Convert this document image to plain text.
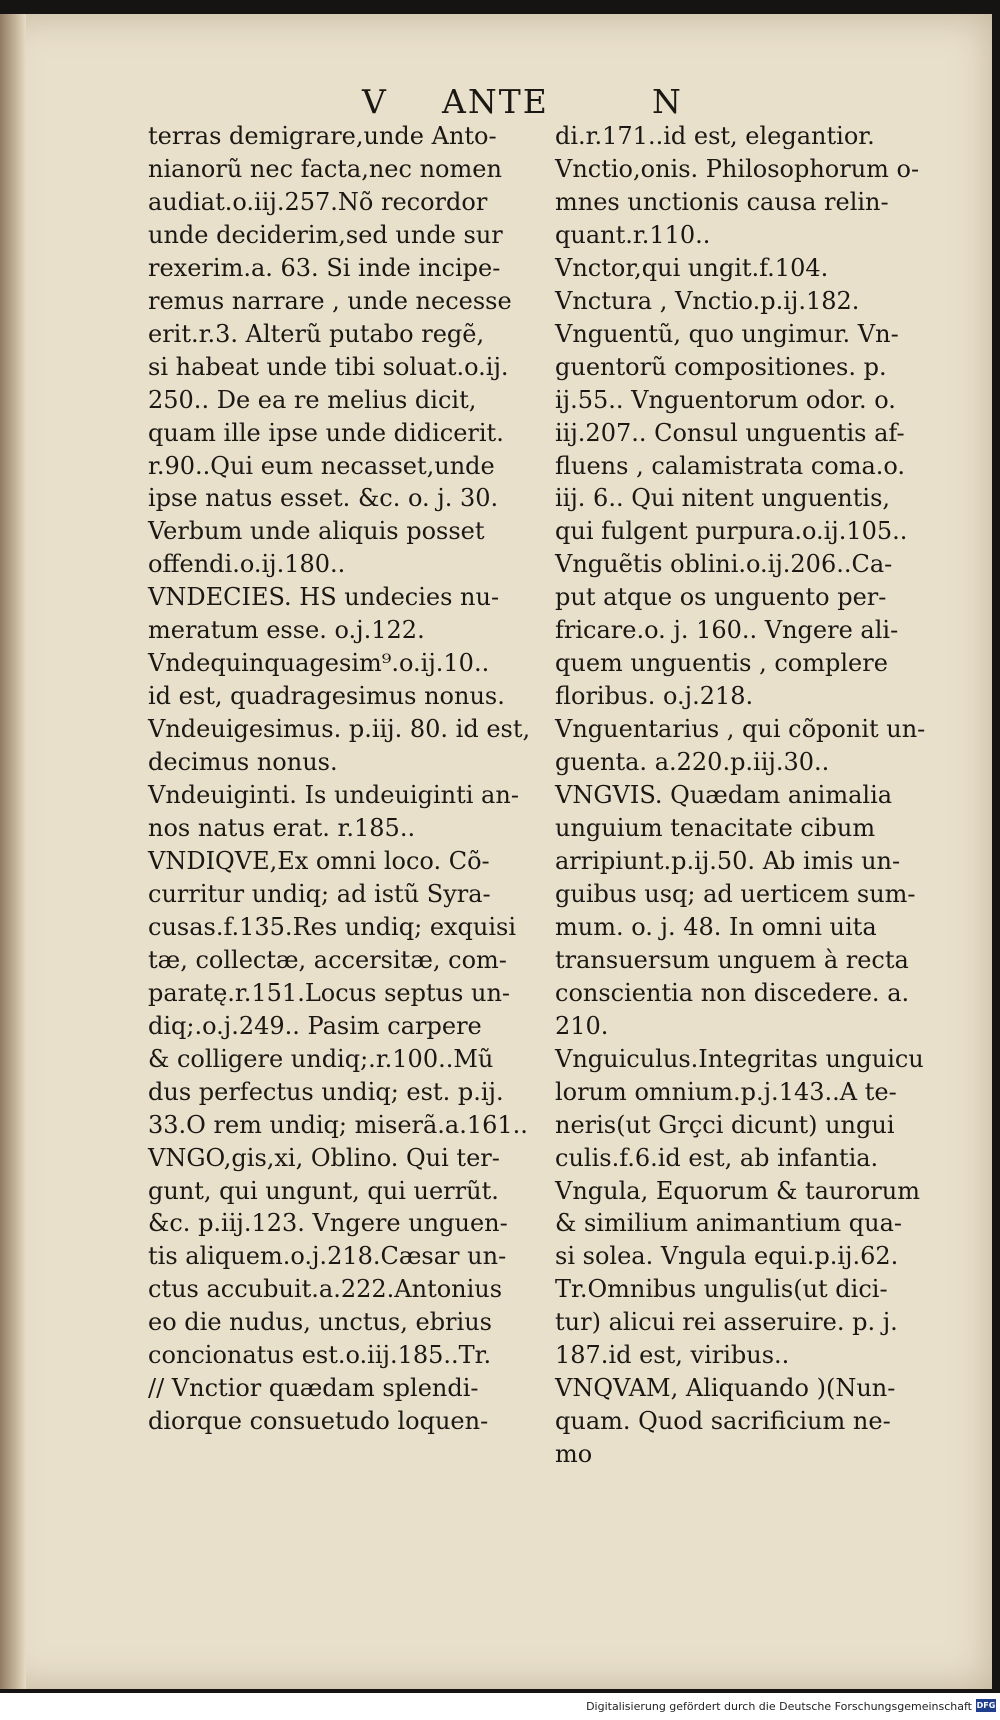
V ANTE	N
terras demigrare,unde Anto-
nianorũ nec facta,nec nomen
audiat.o.iij.257.Nõ recordor
unde deciderim,sed unde sur
rexerim.a. 63. Si inde incipe-
remus narrare , unde necesse
erit.r.3. Alterũ putabo regẽ,
si habeat unde tibi soluat.o.ij.
250.. De ea re melius dicit,
quam ille ipse unde didicerit.
r.90..Qui eum necasset,unde
ipse natus esset. &c. o. j. 30.
Verbum unde aliquis posset
offendi.o.ij.180..
VNDECIES. HS undecies nu-
meratum esse. o.j.122.
Vndequinquagesim⁹.o.ij.10..
id est, quadragesimus nonus.
Vndeuigesimus. p.iij. 80. id est,
decimus nonus.
Vndeuiginti. Is undeuiginti an-
nos natus erat. r.185..
VNDIQVE,Ex omni loco. Cõ-
curritur undiq; ad istũ Syra-
cusas.f.135.Res undiq; exquisi
tæ, collectæ, accersitæ, com-
paratę.r.151.Locus septus un-
diq;.o.j.249.. Pasim carpere
& colligere undiq;.r.100..Mũ
dus perfectus undiq; est. p.ij.
33.O rem undiq; miserã.a.161..
VNGO,gis,xi, Oblino. Qui ter-
gunt, qui ungunt, qui uerrũt.
&c. p.iij.123. Vngere unguen-
tis aliquem.o.j.218.Cæsar un-
ctus accubuit.a.222.Antonius
eo die nudus, unctus, ebrius
concionatus est.o.iij.185..Tr.
// Vnctior quædam splendi-
diorque consuetudo loquen-
di.r.171..id est, elegantior.
Vnctio,onis. Philosophorum o-
mnes unctionis causa relin-
quant.r.110..
Vnctor,qui ungit.f.104.
Vnctura , Vnctio.p.ij.182.
Vnguentũ, quo ungimur. Vn-
guentorũ compositiones. p.
ij.55.. Vnguentorum odor. o.
iij.207.. Consul unguentis af-
fluens , calamistrata coma.o.
iij. 6.. Qui nitent unguentis,
qui fulgent purpura.o.ij.105..
Vnguẽtis oblini.o.ij.206..Ca-
put atque os unguento per-
fricare.o. j. 160.. Vngere ali-
quem unguentis , complere
floribus. o.j.218.
Vnguentarius , qui cõponit un-
guenta. a.220.p.iij.30..
VNGVIS. Quædam animalia
unguium tenacitate cibum
arripiunt.p.ij.50. Ab imis un-
guibus usq; ad uerticem sum-
mum. o. j. 48. In omni uita
transuersum unguem à recta
conscientia non discedere. a.
210.
Vnguiculus.Integritas unguicu
lorum omnium.p.j.143..A te-
neris(ut Grçci dicunt) ungui
culis.f.6.id est, ab infantia.
Vngula, Equorum & taurorum
& similium animantium qua-
si solea. Vngula equi.p.ij.62.
Tr.Omnibus ungulis(ut dici-
tur) alicui rei asseruire. p. j.
187.id est, viribus..
VNQVAM, Aliquando )(Nun-
quam. Quod sacrificium ne-
mo
Digitalisierung gefördert durch die Deutsche Forschungsgemeinschaft DFG
